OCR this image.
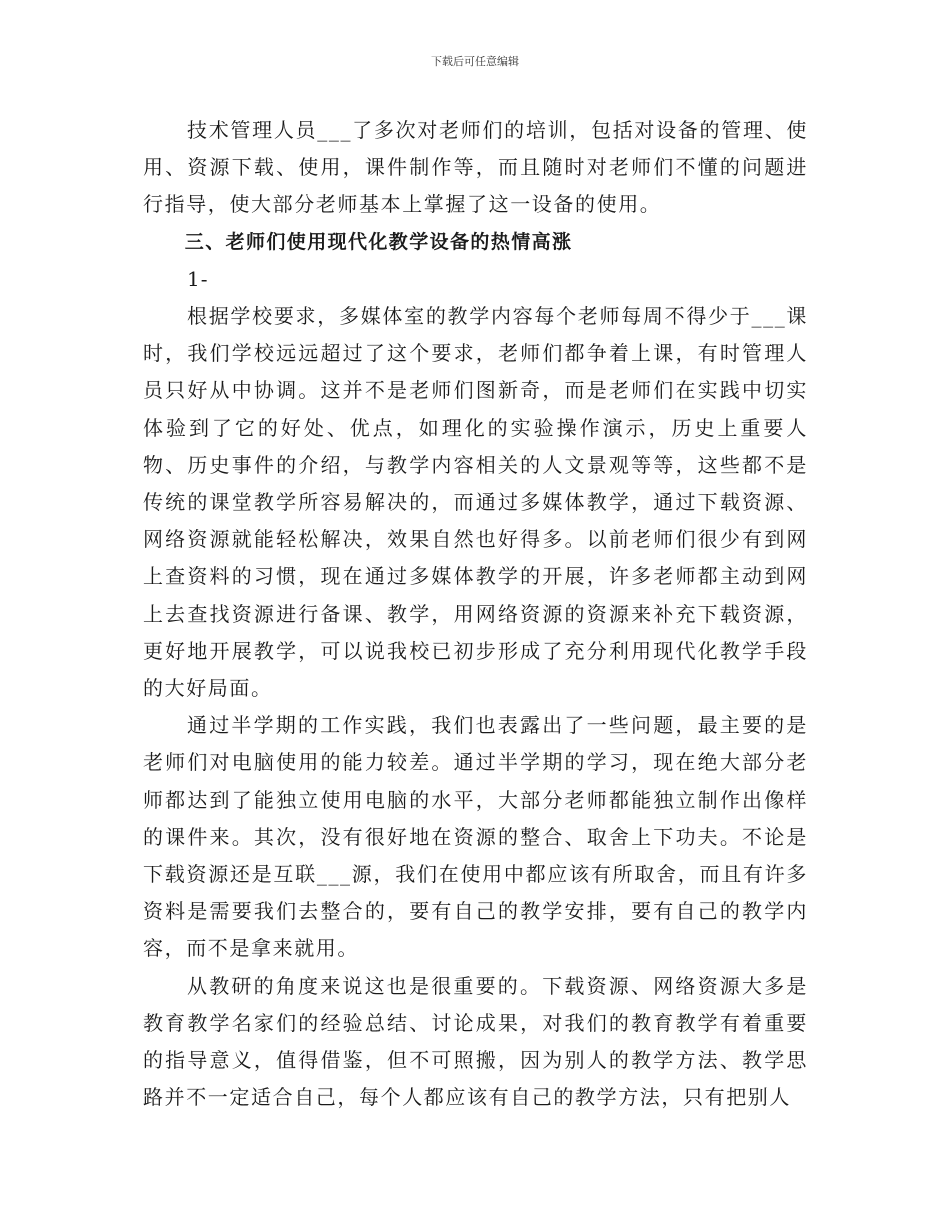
下载后可任意编辑

技术管理人员___了多次对老师们的培训，包括对设备的管理、使用、资源下载、使用，课件制作等，而且随时对老师们不懂的问题进行指导，使大部分老师基本上掌握了这一设备的使用。

三、老师们使用现代化教学设备的热情高涨

1-

根据学校要求，多媒体室的教学内容每个老师每周不得少于___课时，我们学校远远超过了这个要求，老师们都争着上课，有时管理人员只好从中协调。这并不是老师们图新奇，而是老师们在实践中切实体验到了它的好处、优点，如理化的实验操作演示，历史上重要人物、历史事件的介绍，与教学内容相关的人文景观等等，这些都不是传统的课堂教学所容易解决的，而通过多媒体教学，通过下载资源、网络资源就能轻松解决，效果自然也好得多。以前老师们很少有到网上查资料的习惯，现在通过多媒体教学的开展，许多老师都主动到网上去查找资源进行备课、教学，用网络资源的资源来补充下载资源，更好地开展教学，可以说我校已初步形成了充分利用现代化教学手段的大好局面。

通过半学期的工作实践，我们也表露出了一些问题，最主要的是老师们对电脑使用的能力较差。通过半学期的学习，现在绝大部分老师都达到了能独立使用电脑的水平，大部分老师都能独立制作出像样的课件来。其次，没有很好地在资源的整合、取舍上下功夫。不论是下载资源还是互联___源，我们在使用中都应该有所取舍，而且有许多资料是需要我们去整合的，要有自己的教学安排，要有自己的教学内容，而不是拿来就用。

从教研的角度来说这也是很重要的。下载资源、网络资源大多是教育教学名家们的经验总结、讨论成果，对我们的教育教学有着重要的指导意义，值得借鉴，但不可照搬，因为别人的教学方法、教学思路并不一定适合自己，每个人都应该有自己的教学方法，只有把别人
